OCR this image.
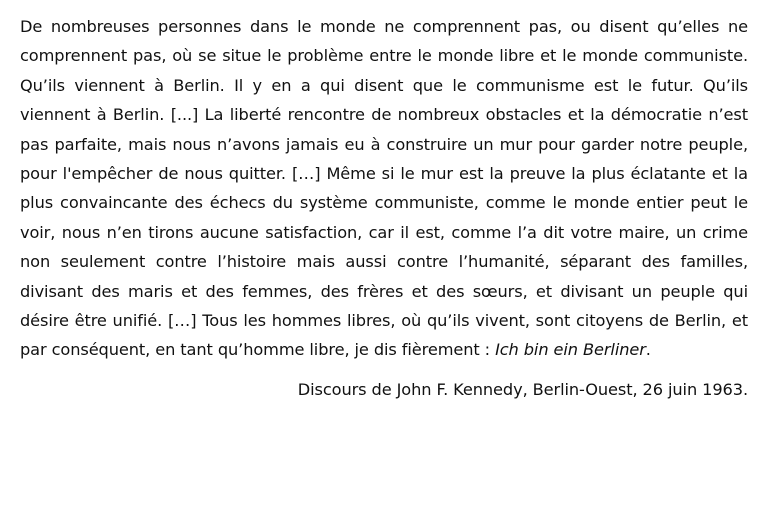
De nombreuses personnes dans le monde ne comprennent pas, ou disent qu’elles ne comprennent pas, où se situe le problème entre le monde libre et le monde communiste. Qu’ils viennent à Berlin. Il y en a qui disent que le communisme est le futur. Qu’ils viennent à Berlin. [...] La liberté rencontre de nombreux obstacles et la démocratie n’est pas parfaite, mais nous n’avons jamais eu à construire un mur pour garder notre peuple, pour l'empêcher de nous quitter. […] Même si le mur est la preuve la plus éclatante et la plus convaincante des échecs du système communiste, comme le monde entier peut le voir, nous n’en tirons aucune satisfaction, car il est, comme l’a dit votre maire, un crime non seulement contre l’histoire mais aussi contre l’humanité, séparant des familles, divisant des maris et des femmes, des frères et des sœurs, et divisant un peuple qui désire être unifié. […] Tous les hommes libres, où qu’ils vivent, sont citoyens de Berlin, et par conséquent, en tant qu’homme libre, je dis fièrement : Ich bin ein Berliner.

Discours de John F. Kennedy, Berlin-Ouest, 26 juin 1963.
